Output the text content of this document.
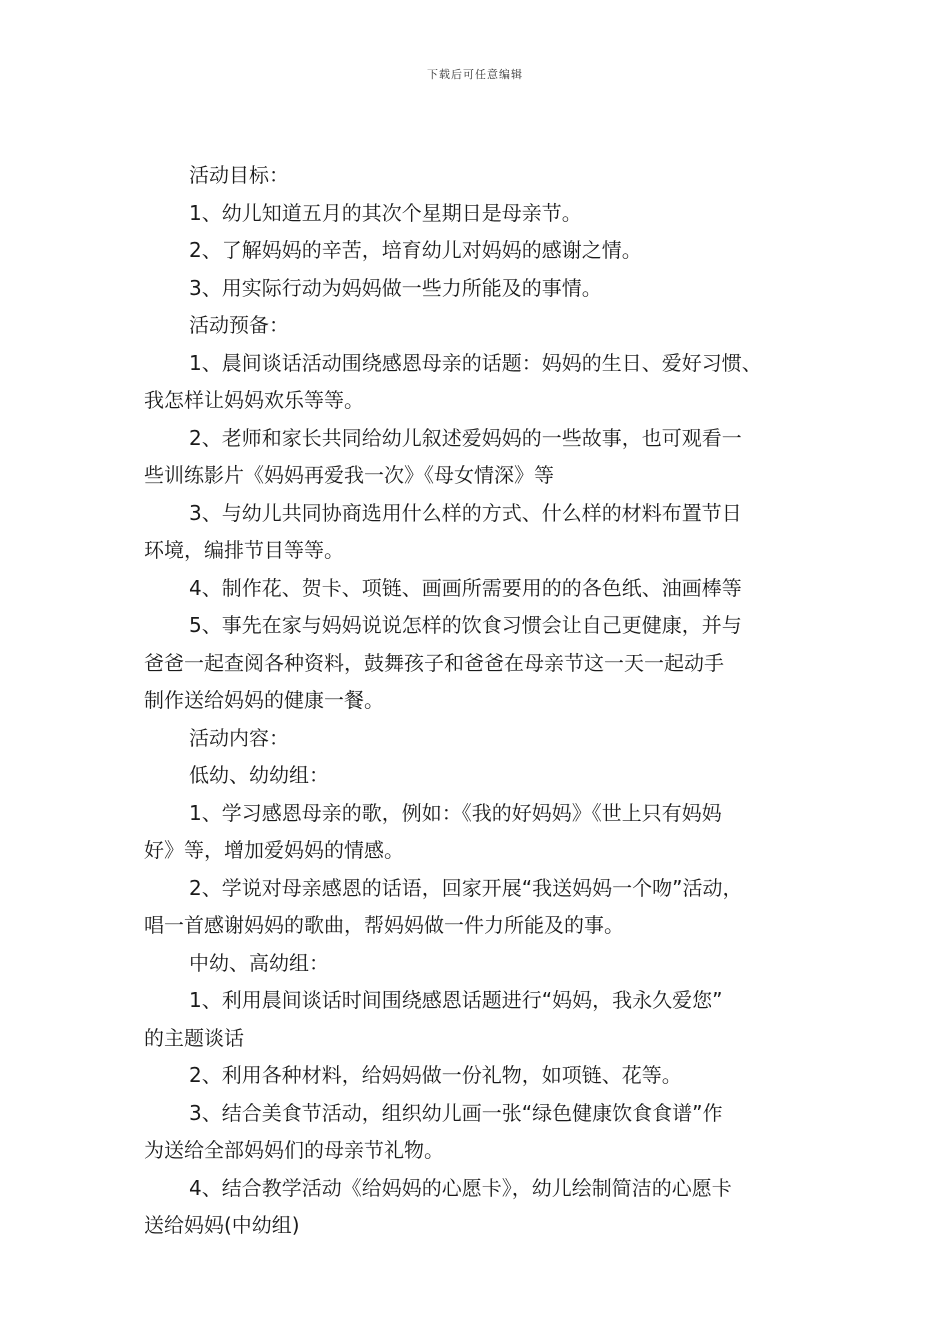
下载后可任意编辑

活动目标：

1、幼儿知道五月的其次个星期日是母亲节。

2、了解妈妈的辛苦，培育幼儿对妈妈的感谢之情。

3、用实际行动为妈妈做一些力所能及的事情。

活动预备：

1、晨间谈话活动围绕感恩母亲的话题：妈妈的生日、爱好习惯、

我怎样让妈妈欢乐等等。

2、老师和家长共同给幼儿叙述爱妈妈的一些故事，也可观看一

些训练影片《妈妈再爱我一次》《母女情深》等

3、与幼儿共同协商选用什么样的方式、什么样的材料布置节日

环境，编排节目等等。

4、制作花、贺卡、项链、画画所需要用的的各色纸、油画棒等

5、事先在家与妈妈说说怎样的饮食习惯会让自己更健康，并与

爸爸一起查阅各种资料，鼓舞孩子和爸爸在母亲节这一天一起动手

制作送给妈妈的健康一餐。

活动内容：

低幼、幼幼组：

1、学习感恩母亲的歌，例如：《我的好妈妈》《世上只有妈妈

好》等，增加爱妈妈的情感。

2、学说对母亲感恩的话语，回家开展“我送妈妈一个吻”活动，

唱一首感谢妈妈的歌曲，帮妈妈做一件力所能及的事。

中幼、高幼组：

1、利用晨间谈话时间围绕感恩话题进行“妈妈，我永久爱您”

的主题谈话

2、利用各种材料，给妈妈做一份礼物，如项链、花等。

3、结合美食节活动，组织幼儿画一张“绿色健康饮食食谱”作

为送给全部妈妈们的母亲节礼物。

4、结合教学活动《给妈妈的心愿卡》，幼儿绘制简洁的心愿卡

送给妈妈(中幼组)
